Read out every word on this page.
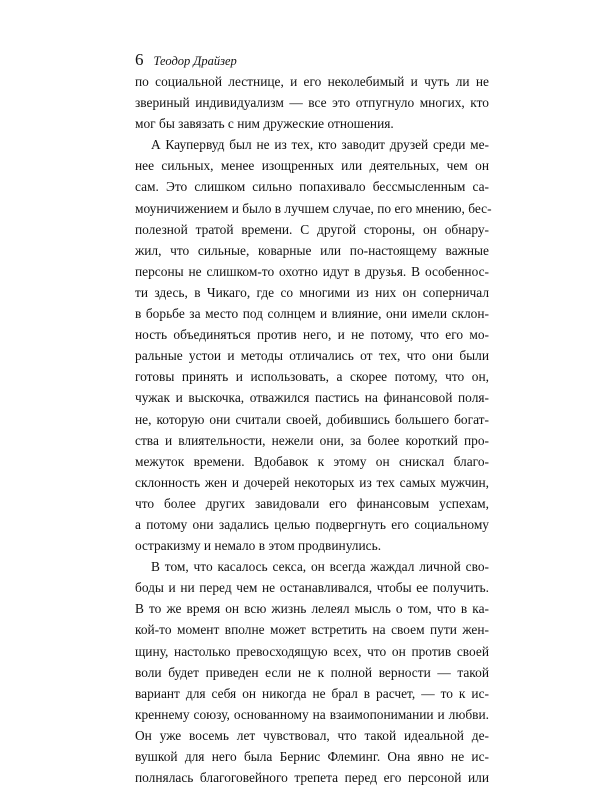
6 Теодор Драйзер
по социальной лестнице, и его неколебимый и чуть ли не
звериный индивидуализм — все это отпугнуло многих, кто
мог бы завязать с ним дружеские отношения.
А Каупервуд был не из тех, кто заводит друзей среди ме-
нее сильных, менее изощренных или деятельных, чем он
сам. Это слишком сильно попахивало бессмысленным са-
моуничижением и было в лучшем случае, по его мнению, бес-
полезной тратой времени. С другой стороны, он обнару-
жил, что сильные, коварные или по-настоящему важные
персоны не слишком-то охотно идут в друзья. В особеннос-
ти здесь, в Чикаго, где со многими из них он соперничал
в борьбе за место под солнцем и влияние, они имели склон-
ность объединяться против него, и не потому, что его мо-
ральные устои и методы отличались от тех, что они были
готовы принять и использовать, а скорее потому, что он,
чужак и выскочка, отважился пастись на финансовой поля-
не, которую они считали своей, добившись большего богат-
ства и влиятельности, нежели они, за более короткий про-
межуток времени. Вдобавок к этому он снискал благо-
склонность жен и дочерей некоторых из тех самых мужчин,
что более других завидовали его финансовым успехам,
а потому они задались целью подвергнуть его социальному
остракизму и немало в этом продвинулись.
В том, что касалось секса, он всегда жаждал личной сво-
боды и ни перед чем не останавливался, чтобы ее получить.
В то же время он всю жизнь лелеял мысль о том, что в ка-
кой-то момент вполне может встретить на своем пути жен-
щину, настолько превосходящую всех, что он против своей
воли будет приведен если не к полной верности — такой
вариант для себя он никогда не брал в расчет, — то к ис-
креннему союзу, основанному на взаимопонимании и любви.
Он уже восемь лет чувствовал, что такой идеальной де-
вушкой для него была Бернис Флеминг. Она явно не ис-
полнялась благоговейного трепета перед его персоной или
